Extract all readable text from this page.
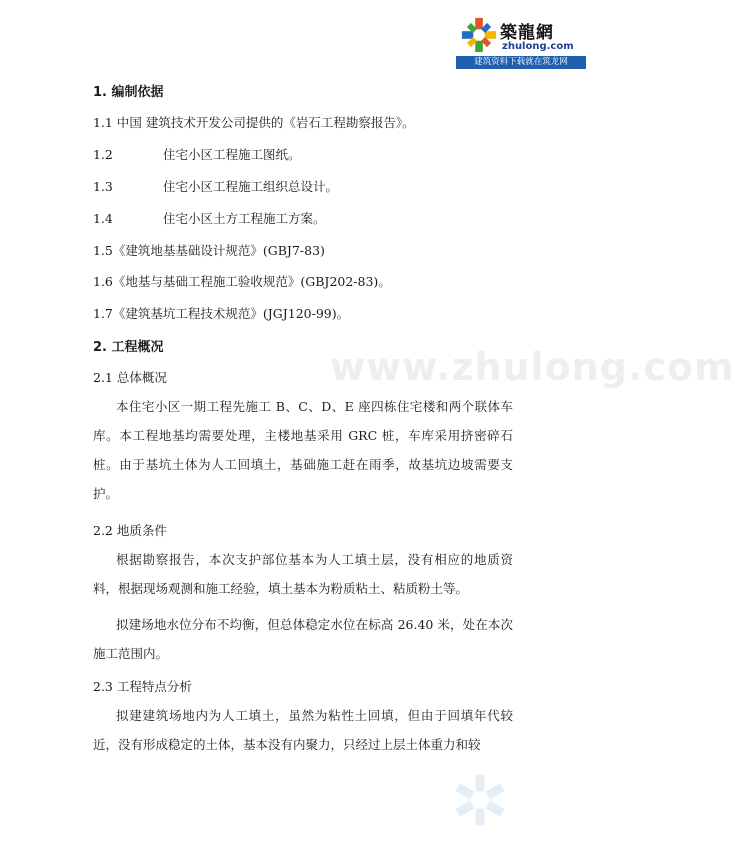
築龍網
zhulong.com
建筑资料下载就在筑龙网
www.zhulong.com
1. 编制依据
1.1 中国 建筑技术开发公司提供的《岩石工程勘察报告》。
1.2	住宅小区工程施工图纸。
1.3	住宅小区工程施工组织总设计。
1.4	住宅小区土方工程施工方案。
1.5《建筑地基基础设计规范》(GBJ7-83)
1.6《地基与基础工程施工验收规范》(GBJ202-83)。
1.7《建筑基坑工程技术规范》(JGJ120-99)。
2. 工程概况
2.1 总体概况
本住宅小区一期工程先施工 B、C、D、E 座四栋住宅楼和两个联体车库。本工程地基均需要处理，主楼地基采用 GRC 桩，车库采用挤密碎石桩。由于基坑土体为人工回填土，基础施工赶在雨季，故基坑边坡需要支护。
2.2 地质条件
根据勘察报告，本次支护部位基本为人工填土层，没有相应的地质资料，根据现场观测和施工经验，填土基本为粉质粘土、粘质粉土等。
拟建场地水位分布不均衡，但总体稳定水位在标高 26.40 米，处在本次施工范围内。
2.3 工程特点分析
拟建建筑场地内为人工填土，虽然为粘性土回填，但由于回填年代较近，没有形成稳定的土体，基本没有内聚力，只经过上层土体重力和较
